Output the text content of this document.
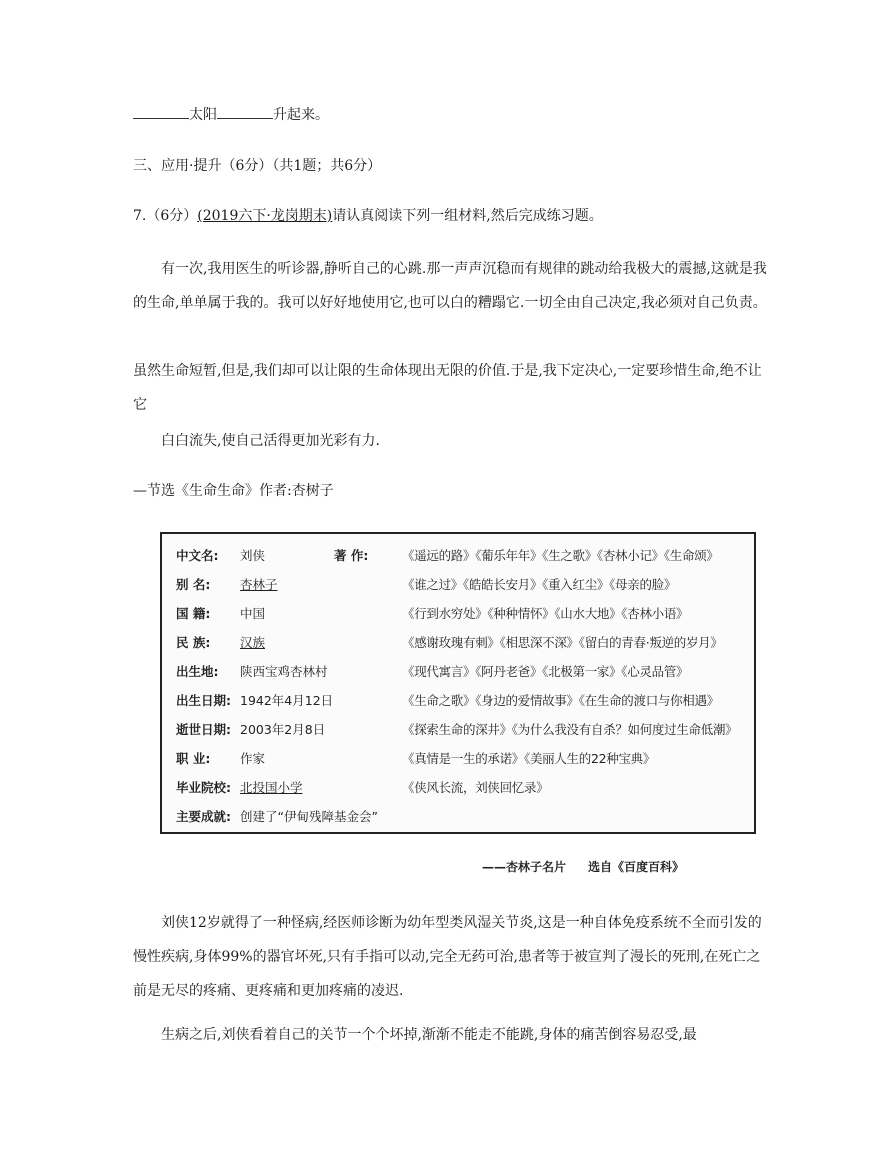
太阳	升起来。
三、应用·提升（6分）（共1题；共6分）
7.（6分）(2019六下·龙岗期末)请认真阅读下列一组材料,然后完成练习题。
有一次,我用医生的听诊器,静听自己的心跳.那一声声沉稳而有规律的跳动给我极大的震撼,这就是我的生命,单单属于我的。我可以好好地使用它,也可以白的糟蹋它.一切全由自己决定,我必须对自己负责。
虽然生命短暂,但是,我们却可以让限的生命体现出无限的价值.于是,我下定决心,一定要珍惜生命,绝不让它
白白流失,使自己活得更加光彩有力.
—节选《生命生命》作者:杏树子
中文名: 刘侠	著 作:	《遥远的路》《葡乐年年》《生之歌》《杏林小记》《生命颂》
别 名: 杏林子	《谁之过》《皓皓长安月》《重入红尘》《母亲的脸》
国 籍: 中国	《行到水穷处》《种种情怀》《山水大地》《杏林小语》
民 族: 汉族	《感谢玫瑰有刺》《相思深不深》《留白的青春·叛逆的岁月》
出生地: 陕西宝鸡杏林村	《现代寓言》《阿丹老爸》《北极第一家》《心灵品管》
出生日期: 1942年4月12日	《生命之歌》《身边的爱情故事》《在生命的渡口与你相遇》
逝世日期: 2003年2月8日	《探索生命的深井》《为什么我没有自杀？如何度过生命低潮》
职 业: 作家	《真情是一生的承诺》《美丽人生的22种宝典》
毕业院校: 北投国小学	《侠风长流，刘侠回忆录》
主要成就: 创建了“伊甸残障基金会”
——杏林子名片 选自《百度百科》
刘侠12岁就得了一种怪病,经医师诊断为幼年型类风湿关节炎,这是一种自体免疫系统不全而引发的慢性疾病,身体99%的器官坏死,只有手指可以动,完全无药可治,患者等于被宣判了漫长的死刑,在死亡之前是无尽的疼痛、更疼痛和更加疼痛的凌迟.
生病之后,刘侠看着自己的关节一个个坏掉,渐渐不能走不能跳,身体的痛苦倒容易忍受,最
